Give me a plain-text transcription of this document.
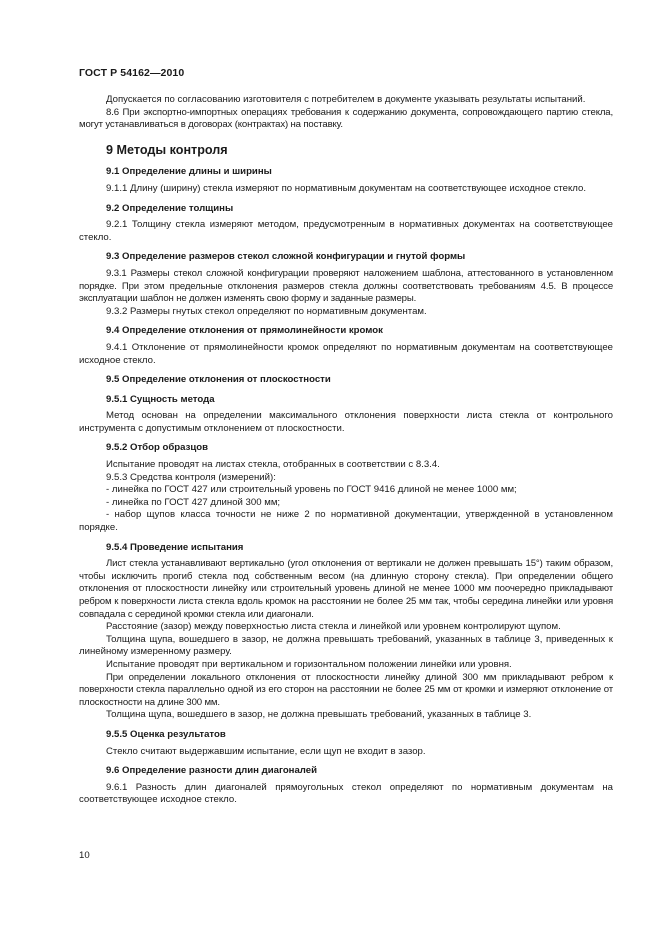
ГОСТ Р 54162—2010

Допускается по согласованию изготовителя с потребителем в документе указывать результаты испытаний.

8.6 При экспортно-импортных операциях требования к содержанию документа, сопровождающего партию стекла, могут устанавливаться в договорах (контрактах) на поставку.

9 Методы контроля
9.1 Определение длины и ширины

9.1.1 Длину (ширину) стекла измеряют по нормативным документам на соответствующее исходное стекло.

9.2 Определение толщины

9.2.1 Толщину стекла измеряют методом, предусмотренным в нормативных документах на соответствующее стекло.

9.3 Определение размеров стекол сложной конфигурации и гнутой формы

9.3.1 Размеры стекол сложной конфигурации проверяют наложением шаблона, аттестованного в установленном порядке. При этом предельные отклонения размеров стекла должны соответствовать требованиям 4.5. В процессе эксплуатации шаблон не должен изменять свою форму и заданные размеры.

9.3.2 Размеры гнутых стекол определяют по нормативным документам.

9.4 Определение отклонения от прямолинейности кромок

9.4.1 Отклонение от прямолинейности кромок определяют по нормативным документам на соответствующее исходное стекло.

9.5 Определение отклонения от плоскостности
9.5.1 Сущность метода

Метод основан на определении максимального отклонения поверхности листа стекла от контрольного инструмента с допустимым отклонением от плоскостности.

9.5.2 Отбор образцов

Испытание проводят на листах стекла, отобранных в соответствии с 8.3.4.

9.5.3 Средства контроля (измерений):

- линейка по ГОСТ 427 или строительный уровень по ГОСТ 9416 длиной не менее 1000 мм;

- линейка по ГОСТ 427 длиной 300 мм;

- набор щупов класса точности не ниже 2 по нормативной документации, утвержденной в установленном порядке.

9.5.4 Проведение испытания

Лист стекла устанавливают вертикально (угол отклонения от вертикали не должен превышать 15°) таким образом, чтобы исключить прогиб стекла под собственным весом (на длинную сторону стекла). При определении общего отклонения от плоскостности линейку или строительный уровень длиной не менее 1000 мм поочередно прикладывают ребром к поверхности листа стекла вдоль кромок на расстоянии не более 25 мм так, чтобы середина линейки или уровня совпадала с серединой кромки стекла или диагонали.

Расстояние (зазор) между поверхностью листа стекла и линейкой или уровнем контролируют щупом.

Толщина щупа, вошедшего в зазор, не должна превышать требований, указанных в таблице 3, приведенных к линейному измеренному размеру.

Испытание проводят при вертикальном и горизонтальном положении линейки или уровня.

При определении локального отклонения от плоскостности линейку длиной 300 мм прикладывают ребром к поверхности стекла параллельно одной из его сторон на расстоянии не более 25 мм от кромки и измеряют отклонение от плоскостности на длине 300 мм.

Толщина щупа, вошедшего в зазор, не должна превышать требований, указанных в таблице 3.

9.5.5 Оценка результатов

Стекло считают выдержавшим испытание, если щуп не входит в зазор.

9.6 Определение разности длин диагоналей

9.6.1 Разность длин диагоналей прямоугольных стекол определяют по нормативным документам на соответствующее исходное стекло.

10
